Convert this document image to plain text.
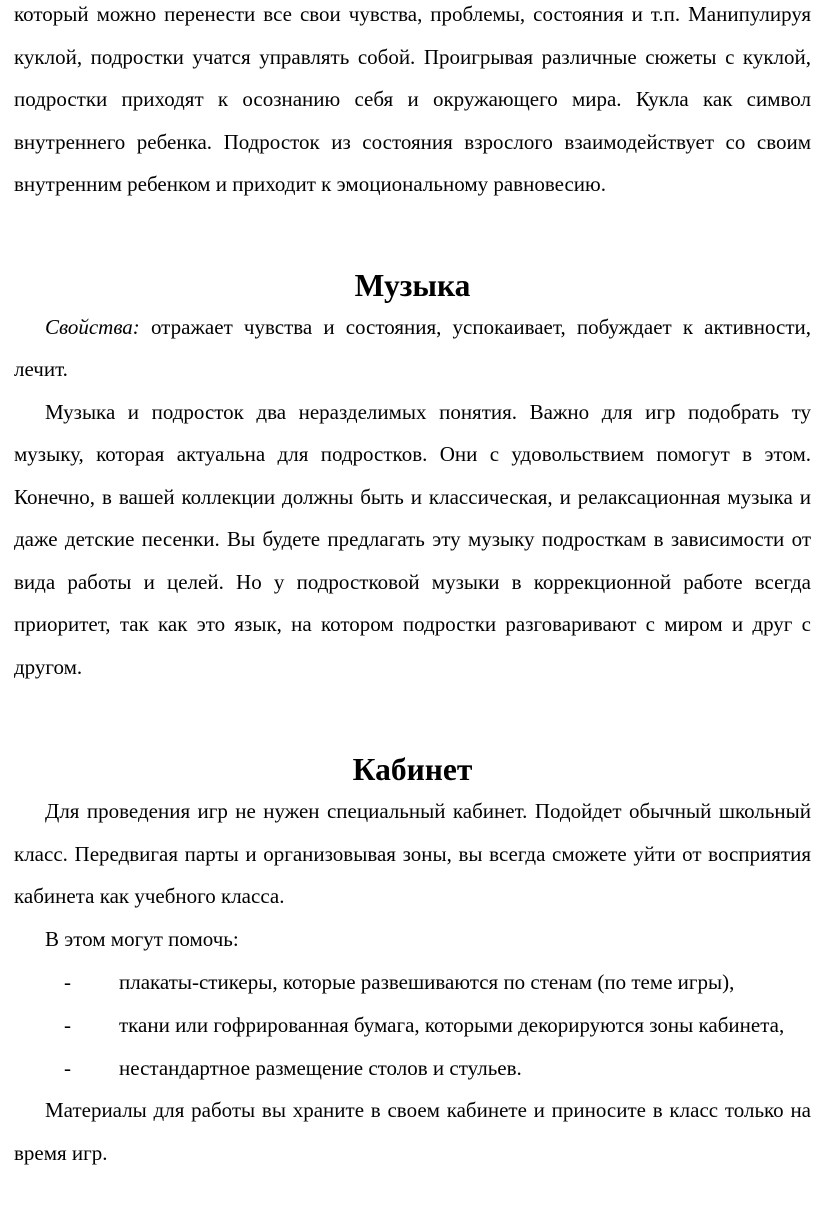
который можно перенести все свои чувства, проблемы, состояния и т.п. Манипулируя куклой, подростки учатся управлять собой. Проигрывая различные сюжеты с куклой, подростки приходят к осознанию себя и окружающего мира. Кукла как символ внутреннего ребенка. Подросток из состояния взрослого взаимодействует со своим внутренним ребенком и приходит к эмоциональному равновесию.

Музыка

Свойства: отражает чувства и состояния, успокаивает, побуждает к активности, лечит.

Музыка и подросток два неразделимых понятия. Важно для игр подобрать ту музыку, которая актуальна для подростков. Они с удовольствием помогут в этом. Конечно, в вашей коллекции должны быть и классическая, и релаксационная музыка и даже детские песенки. Вы будете предлагать эту музыку подросткам в зависимости от вида работы и целей. Но у подростковой музыки в коррекционной работе всегда приоритет, так как это язык, на котором подростки разговаривают с миром и друг с другом.

Кабинет

Для проведения игр не нужен специальный кабинет. Подойдет обычный школьный класс. Передвигая парты и организовывая зоны, вы всегда сможете уйти от восприятия кабинета как учебного класса.

В этом могут помочь:

- плакаты-стикеры, которые развешиваются по стенам (по теме игры),

- ткани или гофрированная бумага, которыми декорируются зоны кабинета,

- нестандартное размещение столов и стульев.

Материалы для работы вы храните в своем кабинете и приносите в класс только на время игр.
